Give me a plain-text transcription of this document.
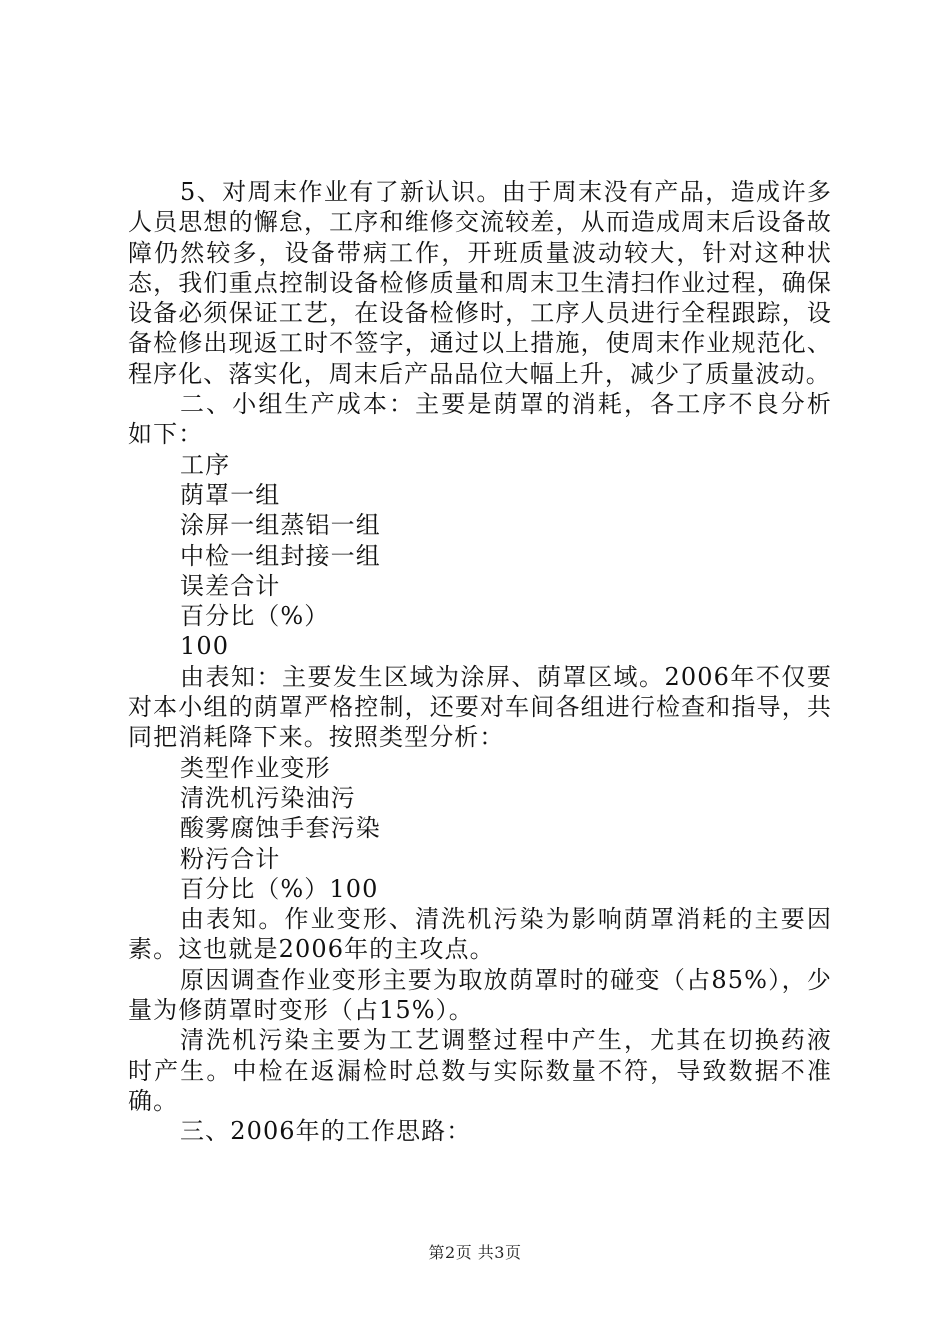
5、对周末作业有了新认识。由于周末没有产品，造成许多人员思想的懈怠，工序和维修交流较差，从而造成周末后设备故障仍然较多，设备带病工作，开班质量波动较大，针对这种状态，我们重点控制设备检修质量和周末卫生清扫作业过程，确保设备必须保证工艺，在设备检修时，工序人员进行全程跟踪，设备检修出现返工时不签字，通过以上措施，使周末作业规范化、程序化、落实化，周末后产品品位大幅上升，减少了质量波动。

二、小组生产成本：主要是荫罩的消耗，各工序不良分析如下：

工序

荫罩一组

涂屏一组蒸铝一组

中检一组封接一组

误差合计

百分比（%）

100

由表知：主要发生区域为涂屏、荫罩区域。2006年不仅要对本小组的荫罩严格控制，还要对车间各组进行检查和指导，共同把消耗降下来。按照类型分析：

类型作业变形

清洗机污染油污

酸雾腐蚀手套污染

粉污合计

百分比（%）100

由表知。作业变形、清洗机污染为影响荫罩消耗的主要因素。这也就是2006年的主攻点。

原因调查作业变形主要为取放荫罩时的碰变（占85%），少量为修荫罩时变形（占15%）。

清洗机污染主要为工艺调整过程中产生，尤其在切换药液时产生。中检在返漏检时总数与实际数量不符，导致数据不准确。

三、2006年的工作思路：

第2页 共3页
